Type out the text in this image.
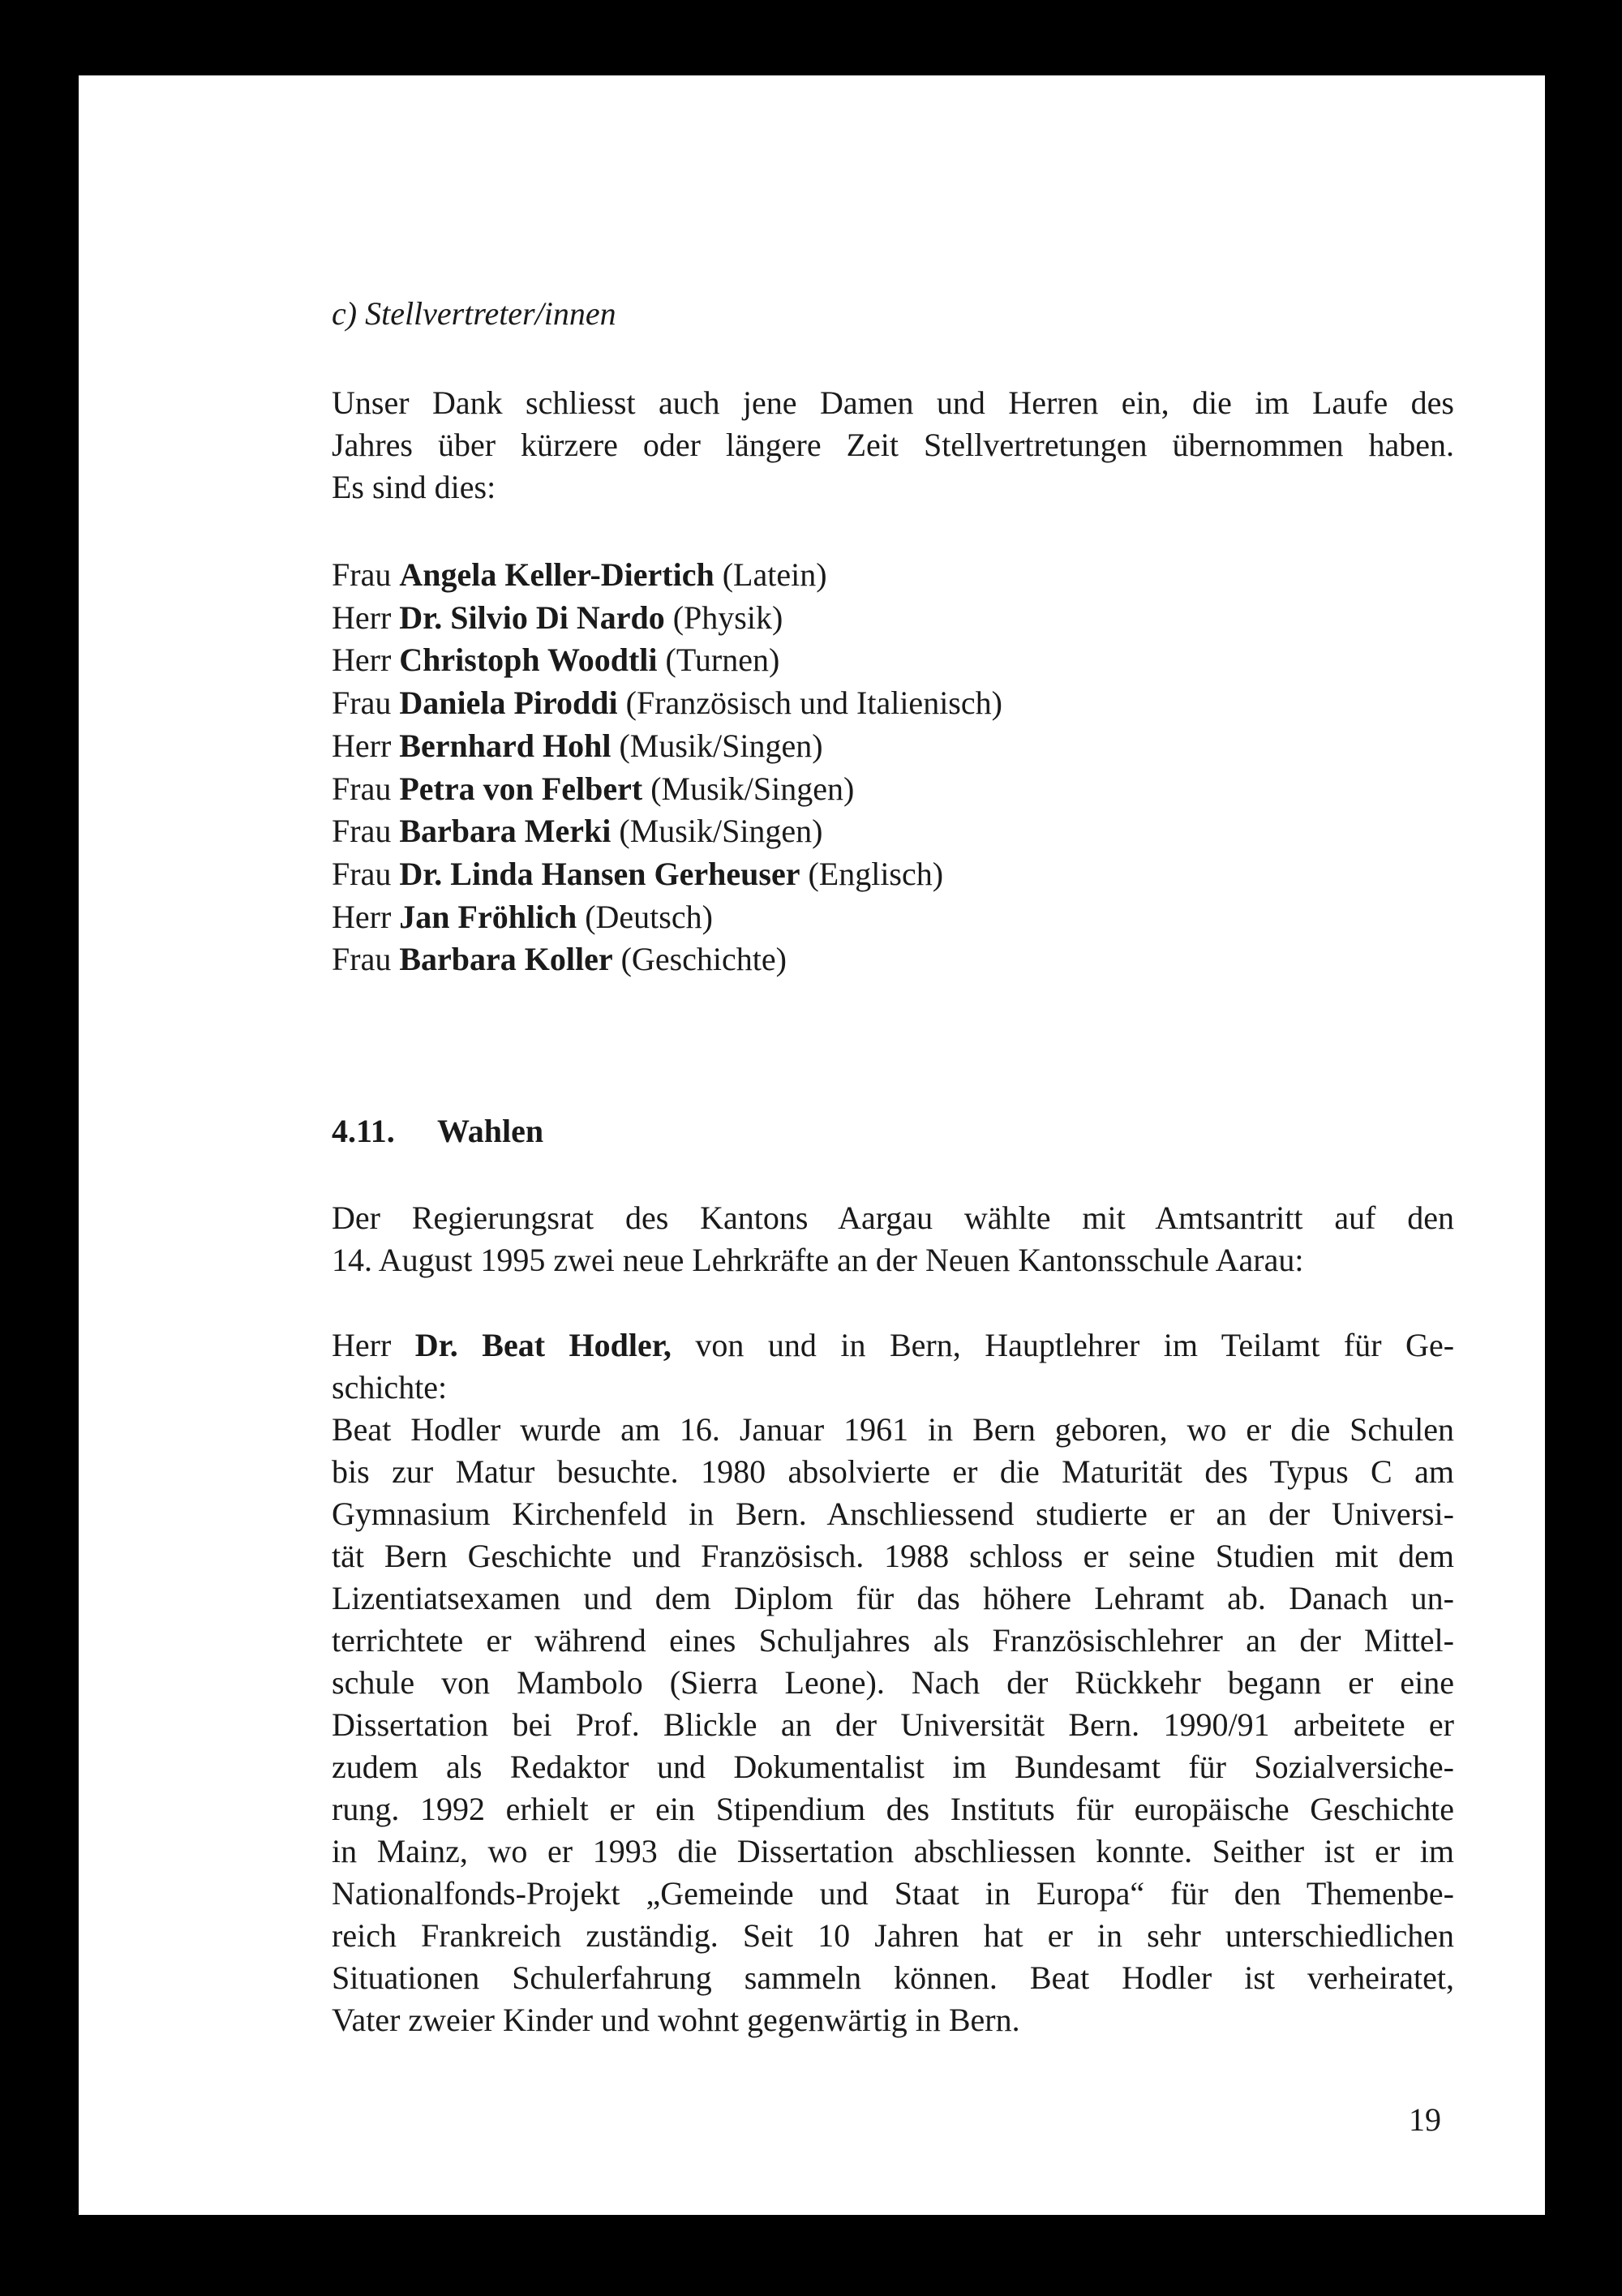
c) Stellvertreter/innen
Unser Dank schliesst auch jene Damen und Herren ein, die im Laufe des
Jahres über kürzere oder längere Zeit Stellvertretungen übernommen haben.
Es sind dies:
Frau Angela Keller-Diertich (Latein)
Herr Dr. Silvio Di Nardo (Physik)
Herr Christoph Woodtli (Turnen)
Frau Daniela Piroddi (Französisch und Italienisch)
Herr Bernhard Hohl (Musik/Singen)
Frau Petra von Felbert (Musik/Singen)
Frau Barbara Merki (Musik/Singen)
Frau Dr. Linda Hansen Gerheuser (Englisch)
Herr Jan Fröhlich (Deutsch)
Frau Barbara Koller (Geschichte)
4.11. Wahlen
Der Regierungsrat des Kantons Aargau wählte mit Amtsantritt auf den
14. August 1995 zwei neue Lehrkräfte an der Neuen Kantonsschule Aarau:
Herr Dr. Beat Hodler, von und in Bern, Hauptlehrer im Teilamt für Ge-
schichte:
Beat Hodler wurde am 16. Januar 1961 in Bern geboren, wo er die Schulen
bis zur Matur besuchte. 1980 absolvierte er die Maturität des Typus C am
Gymnasium Kirchenfeld in Bern. Anschliessend studierte er an der Universi-
tät Bern Geschichte und Französisch. 1988 schloss er seine Studien mit dem
Lizentiatsexamen und dem Diplom für das höhere Lehramt ab. Danach un-
terrichtete er während eines Schuljahres als Französischlehrer an der Mittel-
schule von Mambolo (Sierra Leone). Nach der Rückkehr begann er eine
Dissertation bei Prof. Blickle an der Universität Bern. 1990/91 arbeitete er
zudem als Redaktor und Dokumentalist im Bundesamt für Sozialversiche-
rung. 1992 erhielt er ein Stipendium des Instituts für europäische Geschichte
in Mainz, wo er 1993 die Dissertation abschliessen konnte. Seither ist er im
Nationalfonds-Projekt „Gemeinde und Staat in Europa“ für den Themenbe-
reich Frankreich zuständig. Seit 10 Jahren hat er in sehr unterschiedlichen
Situationen Schulerfahrung sammeln können. Beat Hodler ist verheiratet,
Vater zweier Kinder und wohnt gegenwärtig in Bern.
19
